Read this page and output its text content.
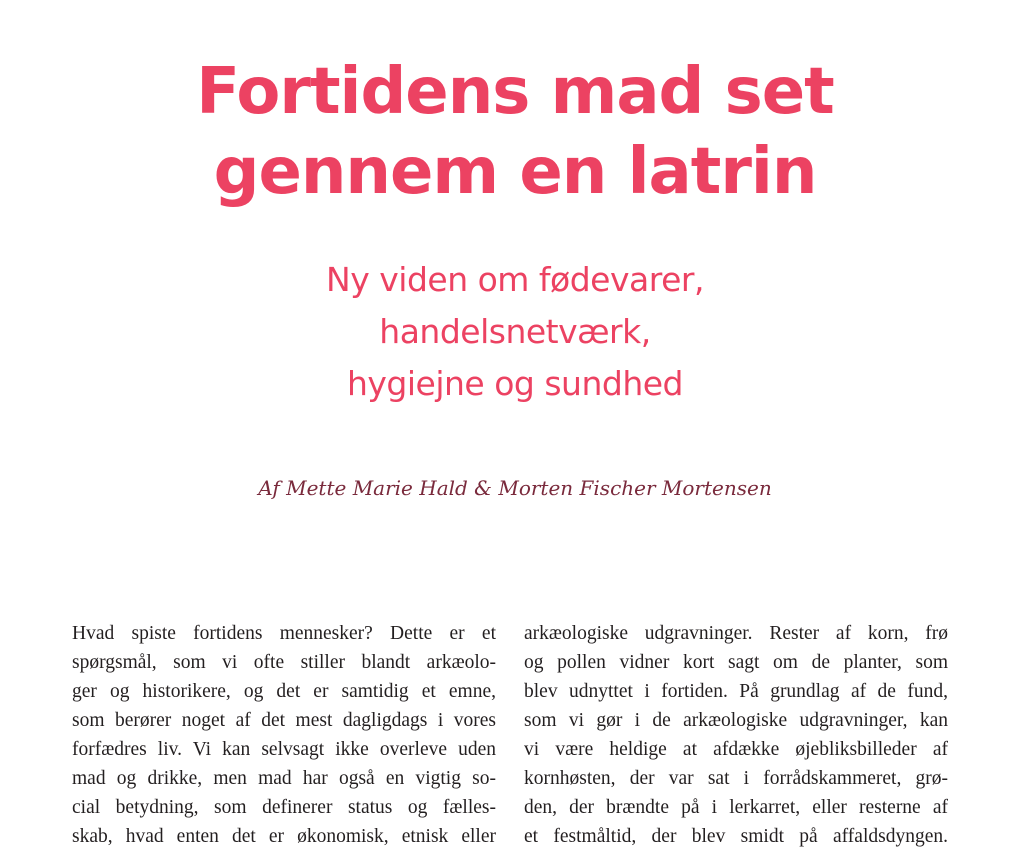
Fortidens mad set
gennem en latrin
Ny viden om fødevarer,
handelsnetværk,
hygiejne og sundhed

Af Mette Marie Hald & Morten Fischer Mortensen

Hvad spiste fortidens mennesker? Dette er et
spørgsmål, som vi ofte stiller blandt arkæolo-
ger og historikere, og det er samtidig et emne,
som berører noget af det mest dagligdags i vores
forfædres liv. Vi kan selvsagt ikke overleve uden
mad og drikke, men mad har også en vigtig so-
cial betydning, som definerer status og fælles-
skab, hvad enten det er økonomisk, etnisk eller
arkæologiske udgravninger. Rester af korn, frø
og pollen vidner kort sagt om de planter, som
blev udnyttet i fortiden. På grundlag af de fund,
som vi gør i de arkæologiske udgravninger, kan
vi være heldige at afdække øjebliksbilleder af
kornhøsten, der var sat i forrådskammeret, grø-
den, der brændte på i lerkarret, eller resterne af
et festmåltid, der blev smidt på affaldsdyngen.
